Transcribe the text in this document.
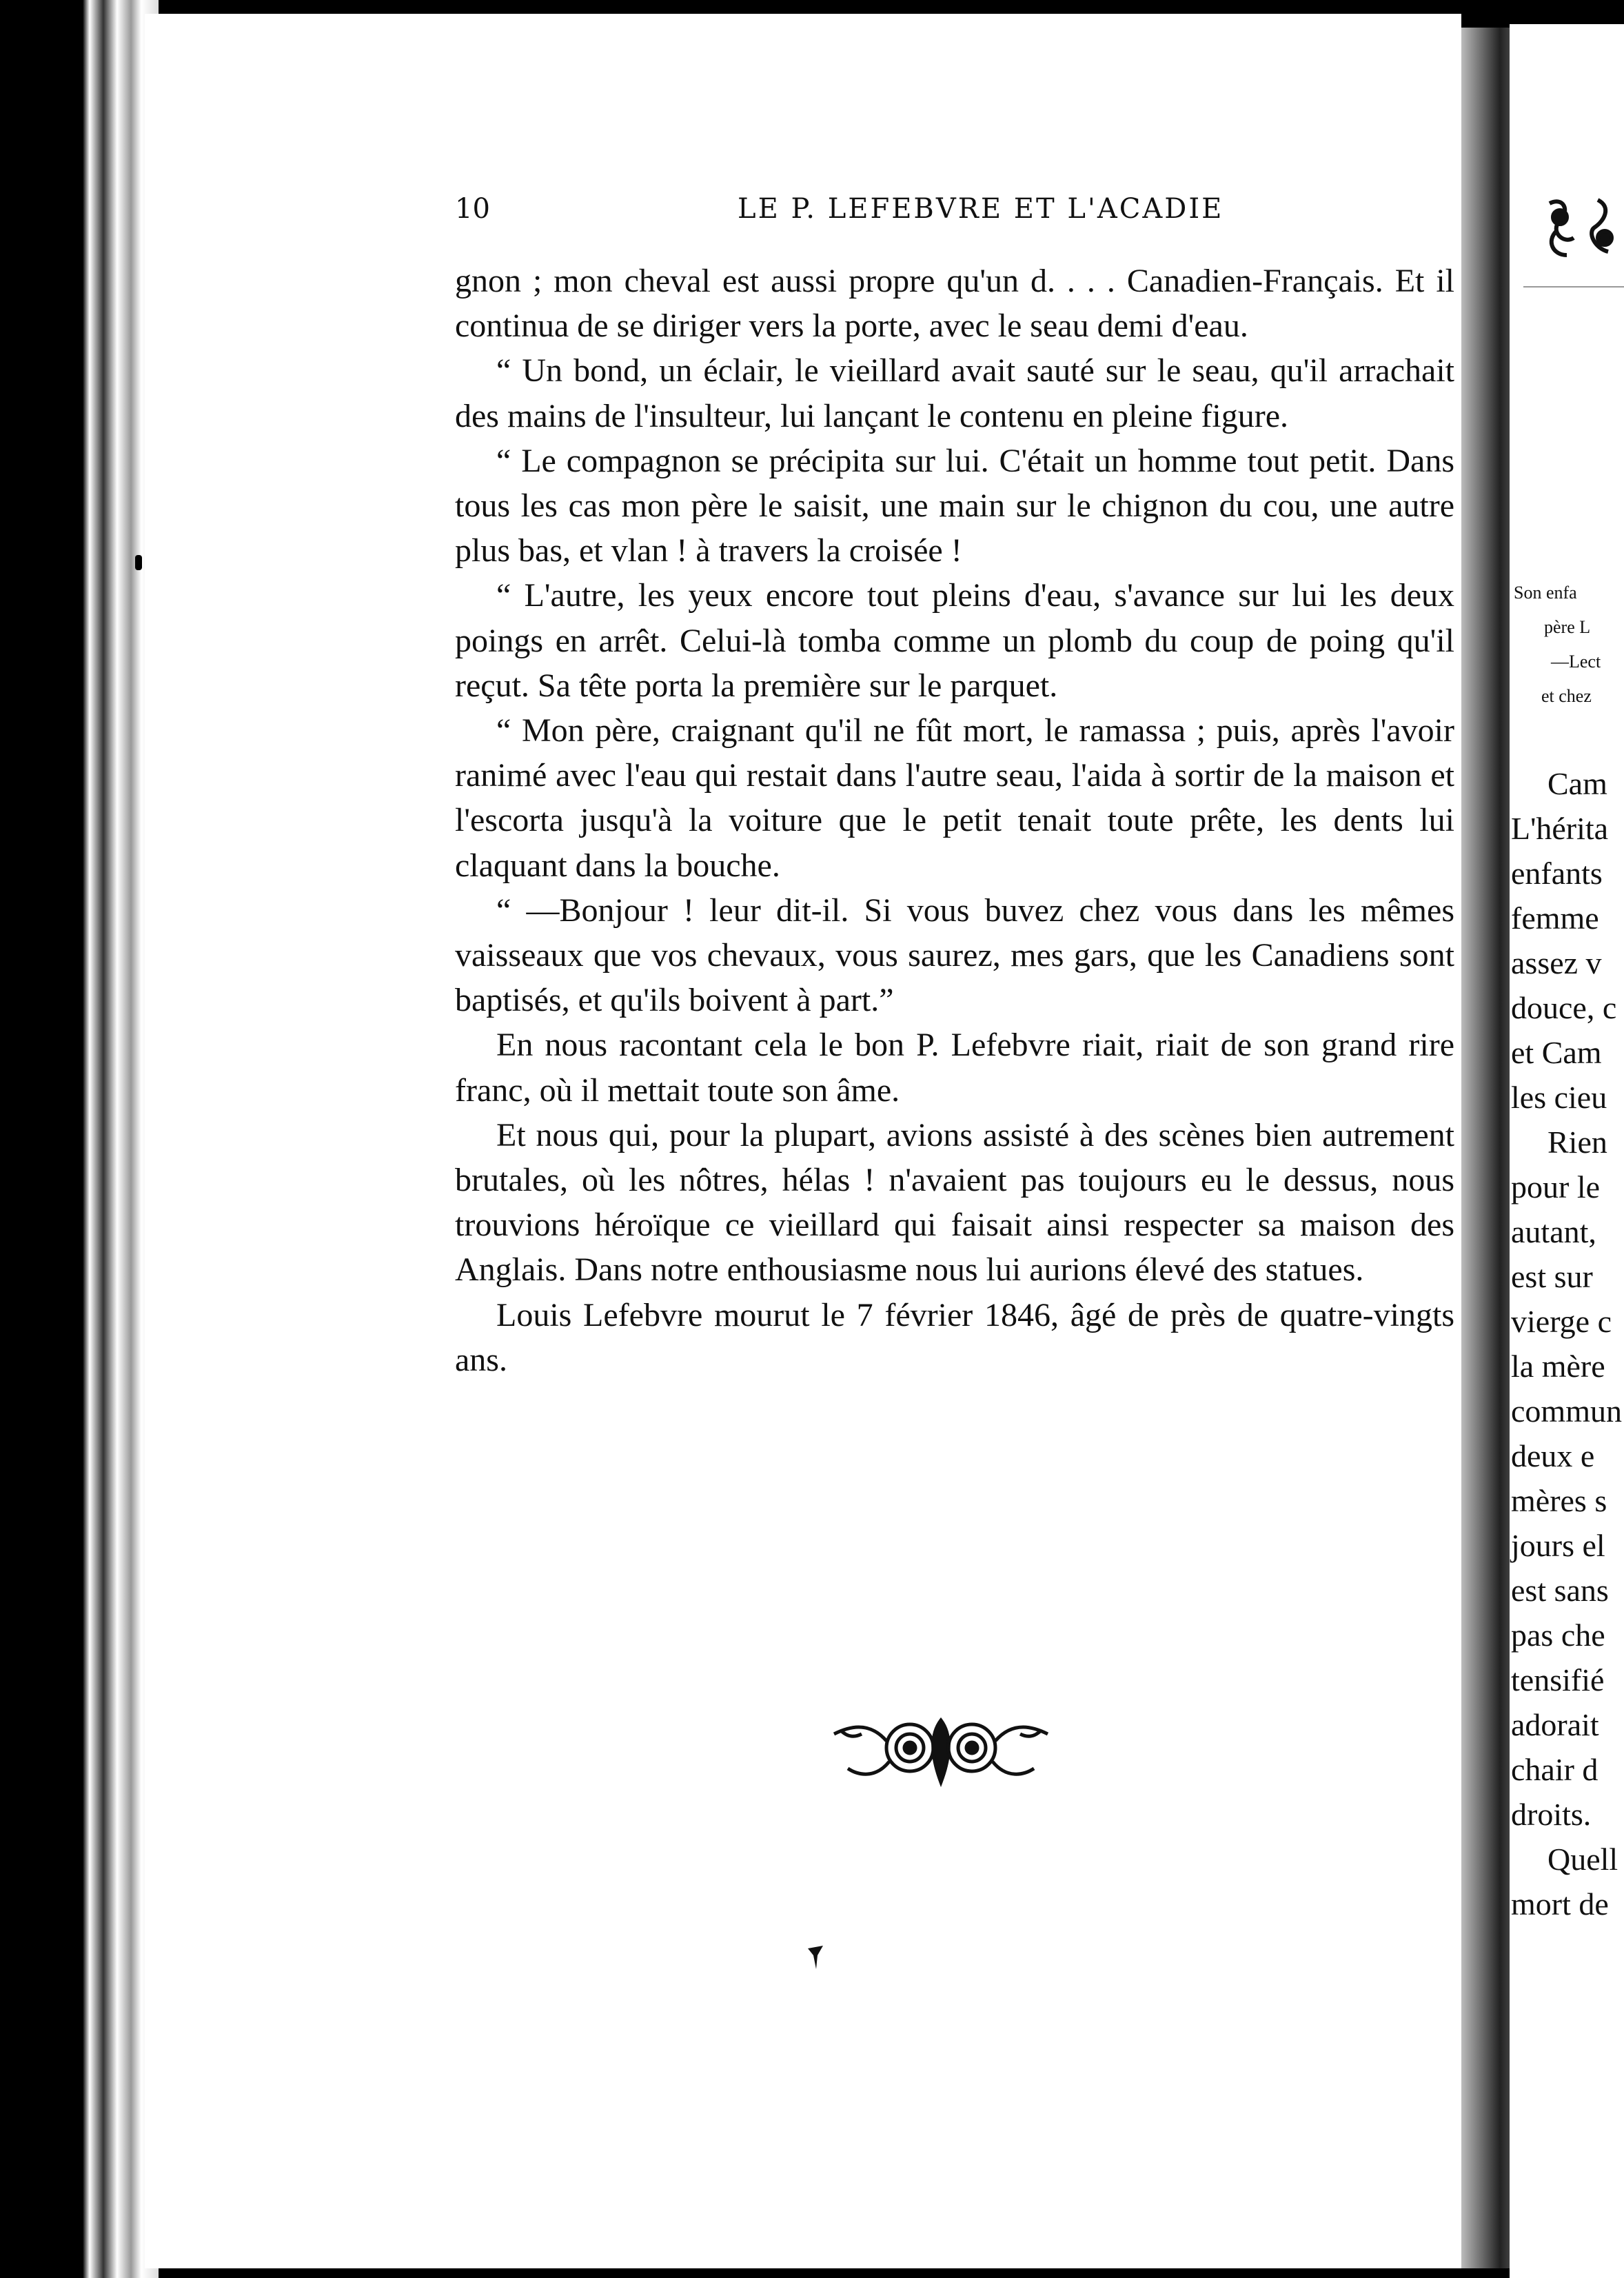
10	LE P. LEFEBVRE ET L'ACADIE

gnon ; mon cheval est aussi propre qu'un d. . . . Canadien-Français. Et il continua de se diriger vers la porte, avec le seau demi d'eau.

“ Un bond, un éclair, le vieillard avait sauté sur le seau, qu'il arrachait des mains de l'insulteur, lui lançant le contenu en pleine figure.

“ Le compagnon se précipita sur lui. C'était un homme tout petit. Dans tous les cas mon père le saisit, une main sur le chignon du cou, une autre plus bas, et vlan ! à travers la croisée !

“ L'autre, les yeux encore tout pleins d'eau, s'avance sur lui les deux poings en arrêt. Celui-là tomba comme un plomb du coup de poing qu'il reçut. Sa tête porta la première sur le parquet.

“ Mon père, craignant qu'il ne fût mort, le ramassa ; puis, après l'avoir ranimé avec l'eau qui restait dans l'autre seau, l'aida à sortir de la maison et l'escorta jusqu'à la voiture que le petit tenait toute prête, les dents lui claquant dans la bouche.

“ —Bonjour ! leur dit-il. Si vous buvez chez vous dans les mêmes vaisseaux que vos chevaux, vous saurez, mes gars, que les Canadiens sont baptisés, et qu'ils boivent à part.”

En nous racontant cela le bon P. Lefebvre riait, riait de son grand rire franc, où il mettait toute son âme.

Et nous qui, pour la plupart, avions assisté à des scènes bien autrement brutales, où les nôtres, hélas ! n'avaient pas toujours eu le dessus, nous trouvions héroïque ce vieillard qui faisait ainsi respecter sa maison des Anglais. Dans notre enthousiasme nous lui aurions élevé des statues.

Louis Lefebvre mourut le 7 février 1846, âgé de près de quatre-vingts ans.

Son enfa
père L
—Lect
et chez
Cam
L'hérita
enfants
femme
assez v
douce, c
et Cam
les cieu
Rien
pour le
autant,
est sur
vierge c
la mère
commun
deux e
mères s
jours el
est sans
pas che
tensifié
adorait
chair d
droits.
Quell
mort de
